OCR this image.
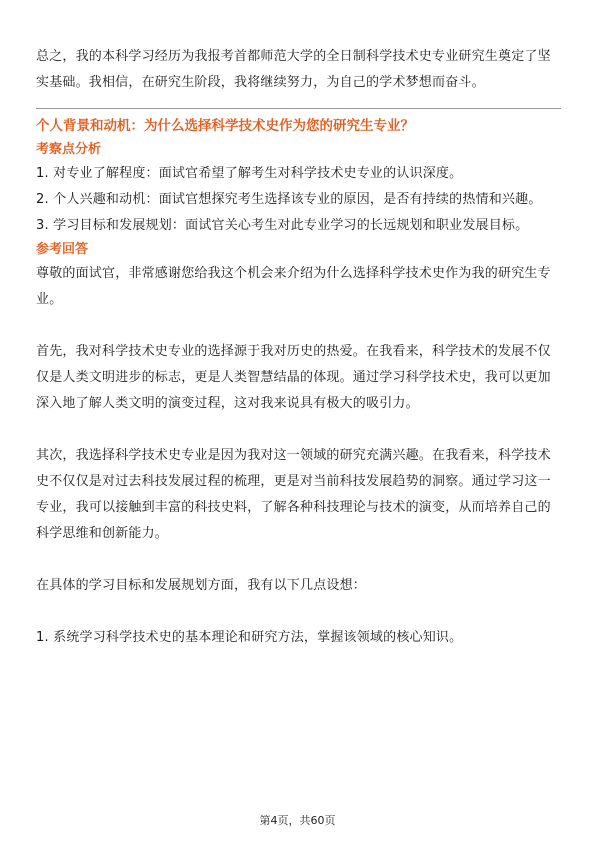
总之，我的本科学习经历为我报考首都师范大学的全日制科学技术史专业研究生奠定了坚实基础。我相信，在研究生阶段，我将继续努力，为自己的学术梦想而奋斗。

个人背景和动机：为什么选择科学技术史作为您的研究生专业？
考察点分析

1. 对专业了解程度：面试官希望了解考生对科学技术史专业的认识深度。

2. 个人兴趣和动机：面试官想探究考生选择该专业的原因，是否有持续的热情和兴趣。

3. 学习目标和发展规划：面试官关心考生对此专业学习的长远规划和职业发展目标。

参考回答

尊敬的面试官，非常感谢您给我这个机会来介绍为什么选择科学技术史作为我的研究生专业。

首先，我对科学技术史专业的选择源于我对历史的热爱。在我看来，科学技术的发展不仅仅是人类文明进步的标志，更是人类智慧结晶的体现。通过学习科学技术史，我可以更加深入地了解人类文明的演变过程，这对我来说具有极大的吸引力。

其次，我选择科学技术史专业是因为我对这一领域的研究充满兴趣。在我看来，科学技术史不仅仅是对过去科技发展过程的梳理，更是对当前科技发展趋势的洞察。通过学习这一专业，我可以接触到丰富的科技史料，了解各种科技理论与技术的演变，从而培养自己的科学思维和创新能力。

在具体的学习目标和发展规划方面，我有以下几点设想：

1. 系统学习科学技术史的基本理论和研究方法，掌握该领域的核心知识。

第4页，共60页
